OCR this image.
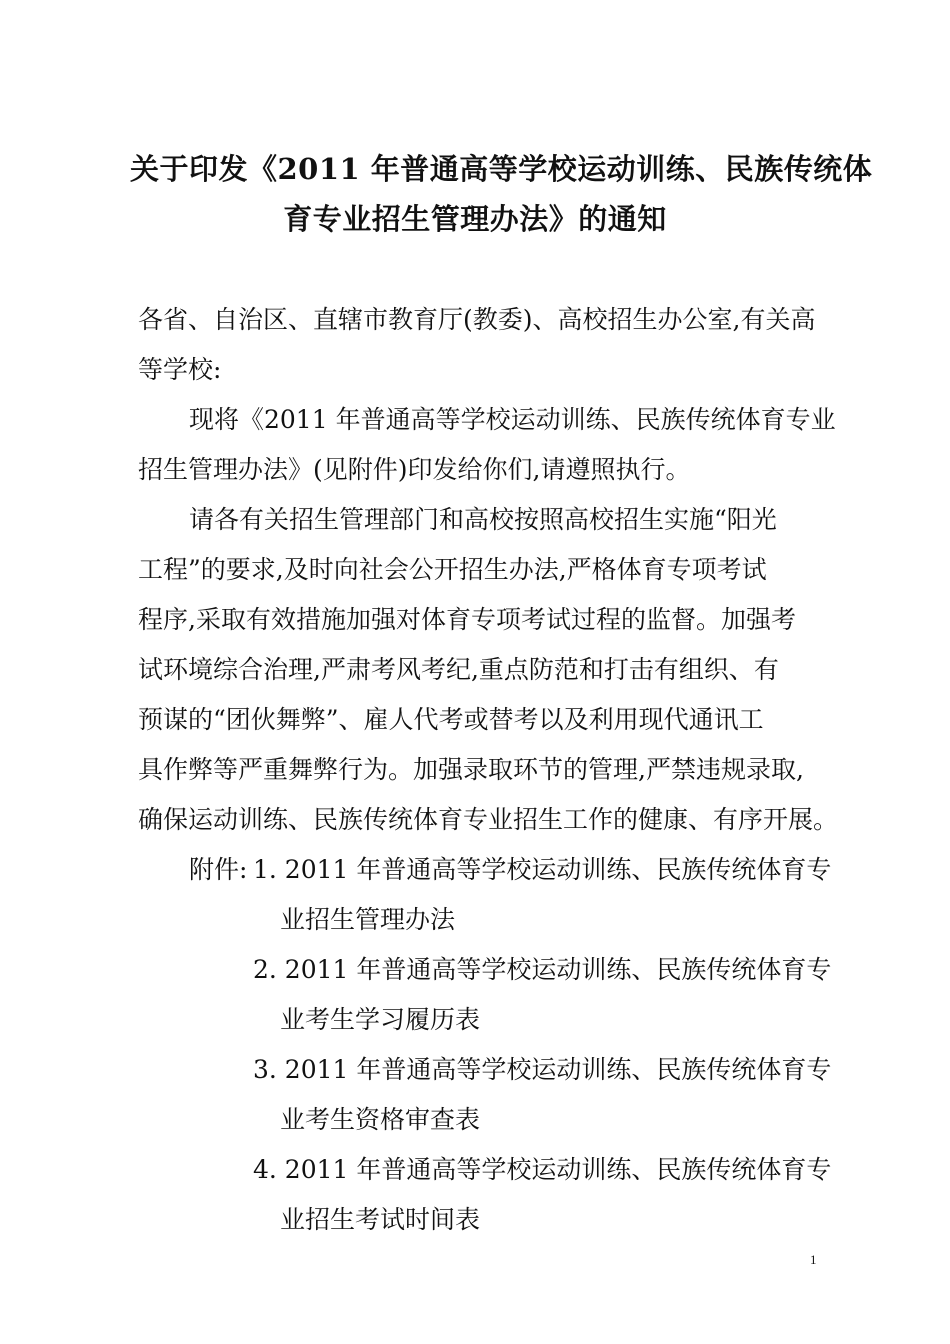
关于印发《2011 年普通高等学校运动训练、民族传统体
育专业招生管理办法》的通知
各省、自治区、直辖市教育厅(教委)、高校招生办公室,有关高
等学校:
现将《2011 年普通高等学校运动训练、民族传统体育专业
招生管理办法》(见附件)印发给你们,请遵照执行。
请各有关招生管理部门和高校按照高校招生实施“阳光
工程”的要求,及时向社会公开招生办法,严格体育专项考试
程序,采取有效措施加强对体育专项考试过程的监督。加强考
试环境综合治理,严肃考风考纪,重点防范和打击有组织、有
预谋的“团伙舞弊”、雇人代考或替考以及利用现代通讯工
具作弊等严重舞弊行为。加强录取环节的管理,严禁违规录取,
确保运动训练、民族传统体育专业招生工作的健康、有序开展。
附件: 1. 2011 年普通高等学校运动训练、民族传统体育专
业招生管理办法
2. 2011 年普通高等学校运动训练、民族传统体育专
业考生学习履历表
3. 2011 年普通高等学校运动训练、民族传统体育专
业考生资格审查表
4. 2011 年普通高等学校运动训练、民族传统体育专
业招生考试时间表
1
